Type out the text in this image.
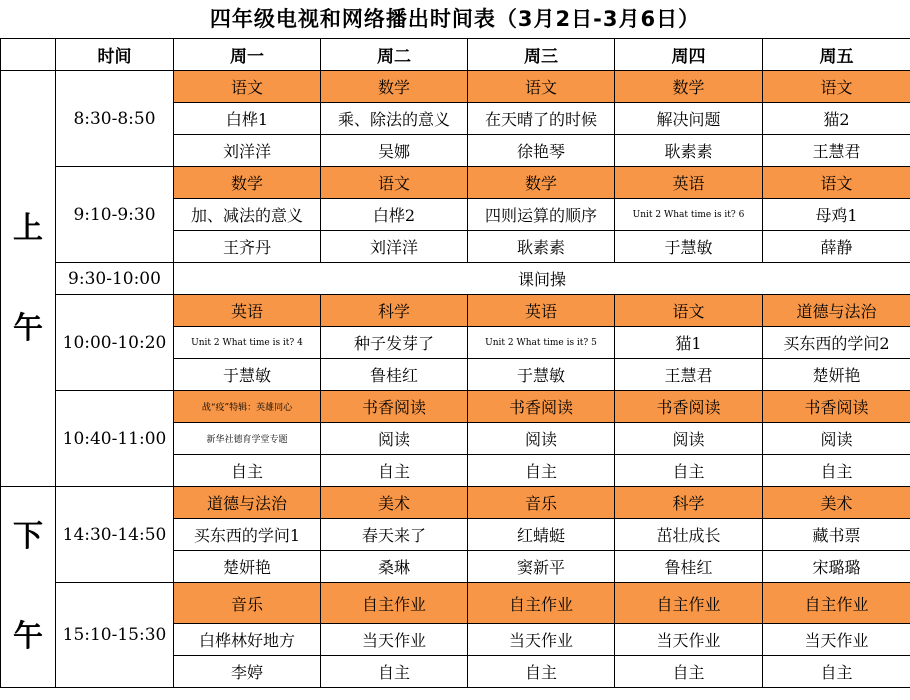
四年级电视和网络播出时间表（3月2日-3月6日）
	时间	周一	周二	周三	周四	周五

上
午	8:30-8:50	语文	数学	语文	数学	语文
		白桦1	乘、除法的意义	在天晴了的时候	解决问题	猫2
		刘洋洋	吴娜	徐艳琴	耿素素	王慧君
	9:10-9:30	数学	语文	数学	英语	语文
		加、减法的意义	白桦2	四则运算的顺序	Unit 2 What time is it? 6	母鸡1
		王齐丹	刘洋洋	耿素素	于慧敏	薛静
	9:30-10:00	课间操				
	10:00-10:20	英语	科学	英语	语文	道德与法治
		Unit 2 What time is it? 4	种子发芽了	Unit 2 What time is it? 5	猫1	买东西的学问2
		于慧敏	鲁桂红	于慧敏	王慧君	楚妍艳
	10:40-11:00	战“疫”特辑：英雄同心	书香阅读	书香阅读	书香阅读	书香阅读
		新华社德育学堂专题	阅读	阅读	阅读	阅读
		自主	自主	自主	自主	自主

下
午	14:30-14:50	道德与法治	美术	音乐	科学	美术
		买东西的学问1	春天来了	红蜻蜓	茁壮成长	藏书票
		楚妍艳	桑琳	窦新平	鲁桂红	宋璐璐
	15:10-15:30	音乐	自主作业	自主作业	自主作业	自主作业
		白桦林好地方	当天作业	当天作业	当天作业	当天作业
		李婷	自主	自主	自主	自主
